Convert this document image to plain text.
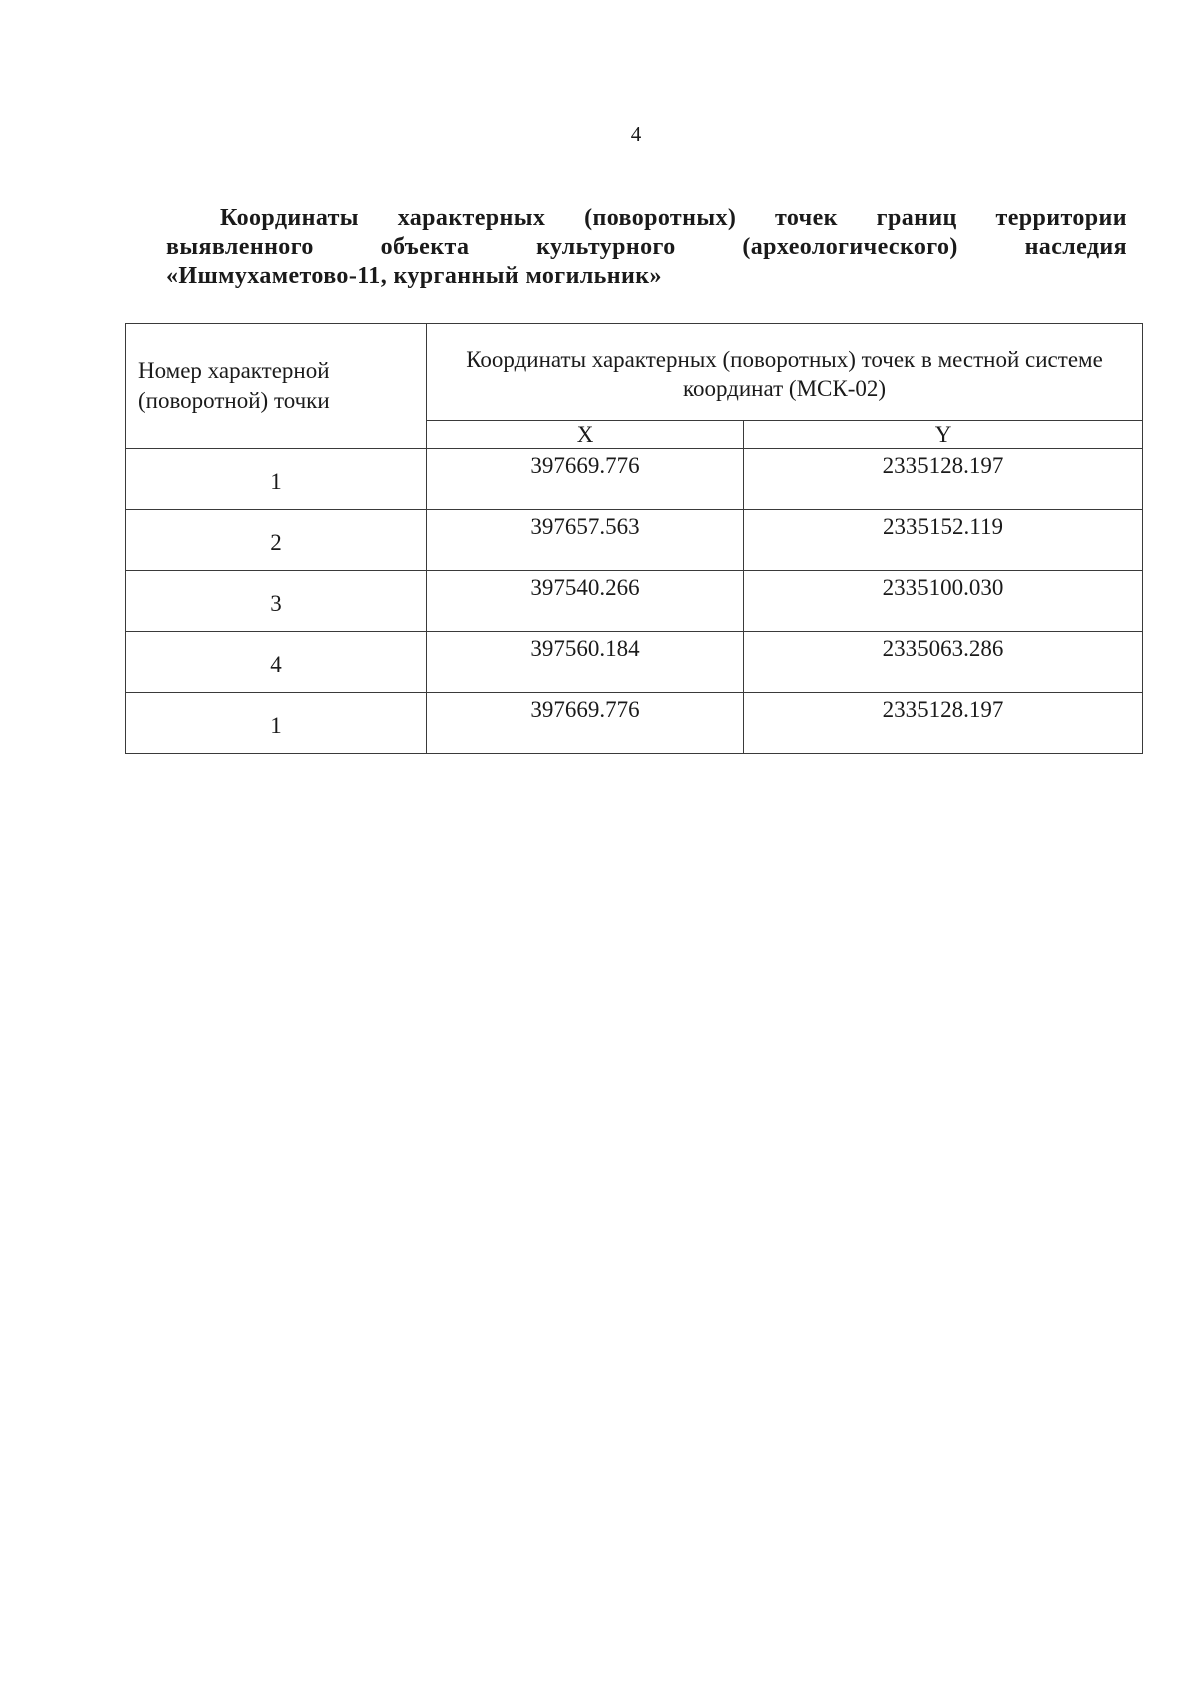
4
Координаты характерных (поворотных) точек границ территории
выявленного объекта культурного (археологического) наследия
«Ишмухаметово-11, курганный могильник»
Номер характерной (поворотной) точки	Координаты характерных (поворотных) точек в местной системе координат (МСК-02)	
	X	Y
1	397669.776	2335128.197
2	397657.563	2335152.119
3	397540.266	2335100.030
4	397560.184	2335063.286
1	397669.776	2335128.197
